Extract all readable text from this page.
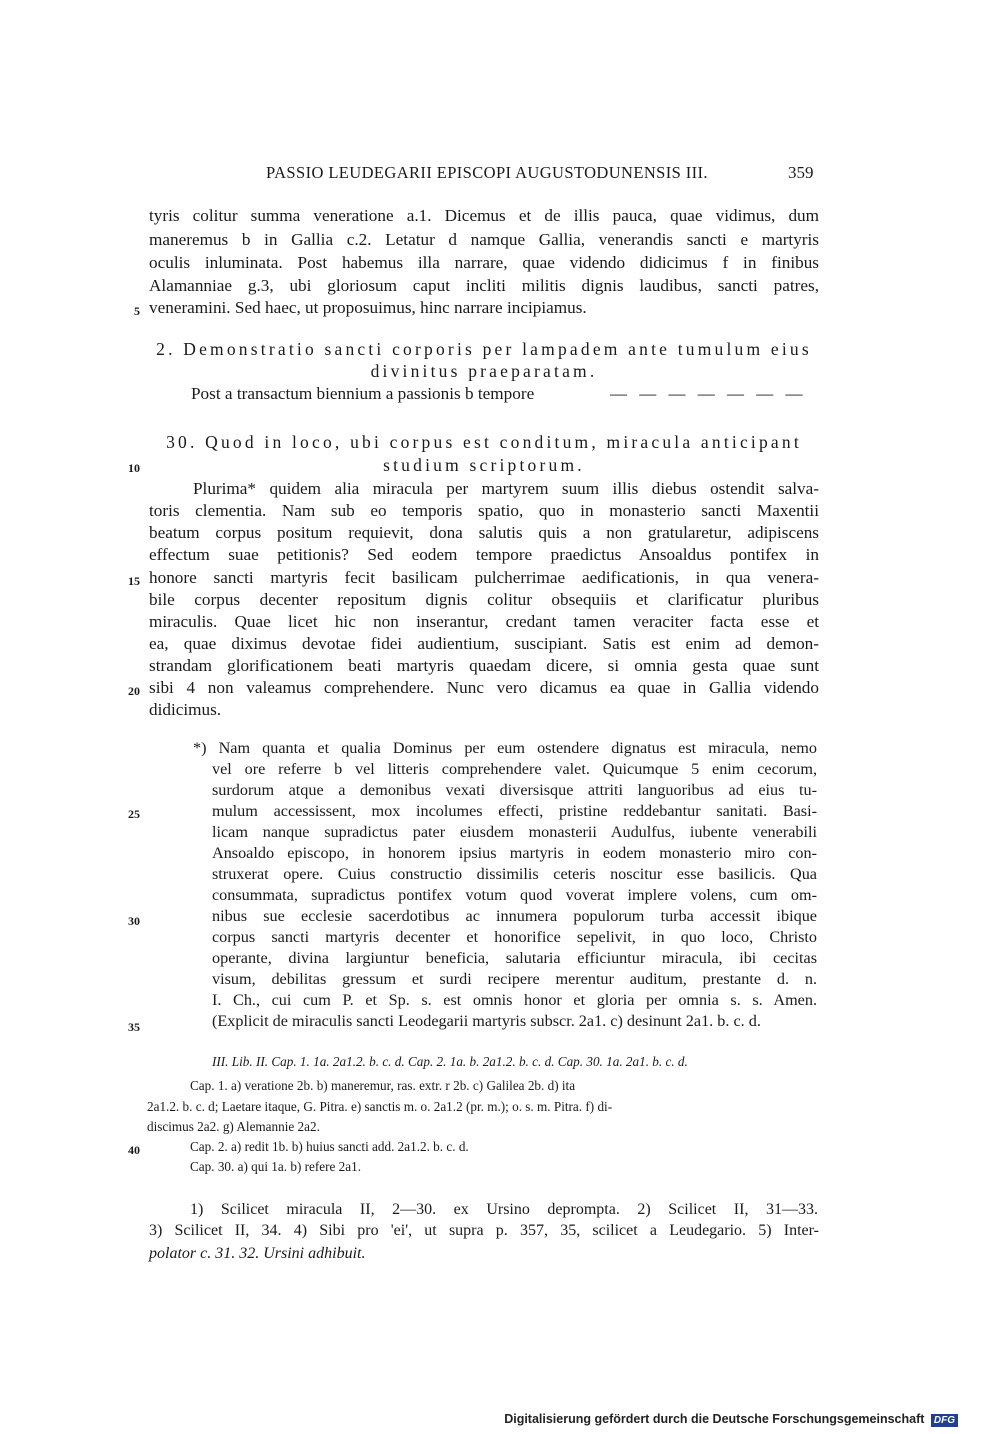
PASSIO LEUDEGARII EPISCOPI AUGUSTODUNENSIS III.	359
tyris colitur summa veneratione a.1. Dicemus et de illis pauca, quae vidimus, dum
maneremus b in Gallia c.2. Letatur d namque Gallia, venerandis sancti e martyris
oculis inluminata. Post habemus illa narrare, quae videndo didicimus f in finibus
Alamanniae g.3, ubi gloriosum caput incliti militis dignis laudibus, sancti patres,
veneramini. Sed haec, ut proposuimus, hinc narrare incipiamus.
2. Demonstratio sancti corporis per lampadem ante tumulum eius
divinitus praeparatam.
Post a transactum biennium a passionis b tempore	— — — — — — —
30. Quod in loco, ubi corpus est conditum, miracula anticipant
studium scriptorum.
Plurima* quidem alia miracula per martyrem suum illis diebus ostendit salva-
toris clementia. Nam sub eo temporis spatio, quo in monasterio sancti Maxentii
beatum corpus positum requievit, dona salutis quis a non gratularetur, adipiscens
effectum suae petitionis? Sed eodem tempore praedictus Ansoaldus pontifex in
honore sancti martyris fecit basilicam pulcherrimae aedificationis, in qua venera-
bile corpus decenter repositum dignis colitur obsequiis et clarificatur pluribus
miraculis. Quae licet hic non inserantur, credant tamen veraciter facta esse et
ea, quae diximus devotae fidei audientium, suscipiant. Satis est enim ad demon-
strandam glorificationem beati martyris quaedam dicere, si omnia gesta quae sunt
sibi 4 non valeamus comprehendere. Nunc vero dicamus ea quae in Gallia videndo
didicimus.
*) Nam quanta et qualia Dominus per eum ostendere dignatus est miracula, nemo
vel ore referre b vel litteris comprehendere valet. Quicumque 5 enim cecorum,
surdorum atque a demonibus vexati diversisque attriti languoribus ad eius tu-
mulum accessissent, mox incolumes effecti, pristine reddebantur sanitati. Basi-
licam nanque supradictus pater eiusdem monasterii Audulfus, iubente venerabili
Ansoaldo episcopo, in honorem ipsius martyris in eodem monasterio miro con-
struxerat opere. Cuius constructio dissimilis ceteris noscitur esse basilicis. Qua
consummata, supradictus pontifex votum quod voverat implere volens, cum om-
nibus sue ecclesie sacerdotibus ac innumera populorum turba accessit ibique
corpus sancti martyris decenter et honorifice sepelivit, in quo loco, Christo
operante, divina largiuntur beneficia, salutaria efficiuntur miracula, ibi cecitas
visum, debilitas gressum et surdi recipere merentur auditum, prestante d. n.
I. Ch., cui cum P. et Sp. s. est omnis honor et gloria per omnia s. s. Amen.
(Explicit de miraculis sancti Leodegarii martyris subscr. 2a1. c) desinunt 2a1. b. c. d.
III. Lib. II. Cap. 1. 1a. 2a1.2. b. c. d. Cap. 2. 1a. b. 2a1.2. b. c. d. Cap. 30. 1a. 2a1. b. c. d.
Cap. 1. a) veratione 2b. b) maneremur, ras. extr. r 2b. c) Galilea 2b. d) ita
2a1.2. b. c. d; Laetare itaque, G. Pitra. e) sanctis m. o. 2a1.2 (pr. m.); o. s. m. Pitra. f) di-
discimus 2a2. g) Alemannie 2a2.
Cap. 2. a) redit 1b. b) huius sancti add. 2a1.2. b. c. d.
Cap. 30. a) qui 1a. b) refere 2a1.
1) Scilicet miracula II, 2—30. ex Ursino deprompta. 2) Scilicet II, 31—33.
3) Scilicet II, 34. 4) Sibi pro 'ei', ut supra p. 357, 35, scilicet a Leudegario. 5) Inter-
polator c. 31. 32. Ursini adhibuit.
5
10
15
20
25
30
35
40
Digitalisierung gefördert durch die Deutsche Forschungsgemeinschaft DFG
